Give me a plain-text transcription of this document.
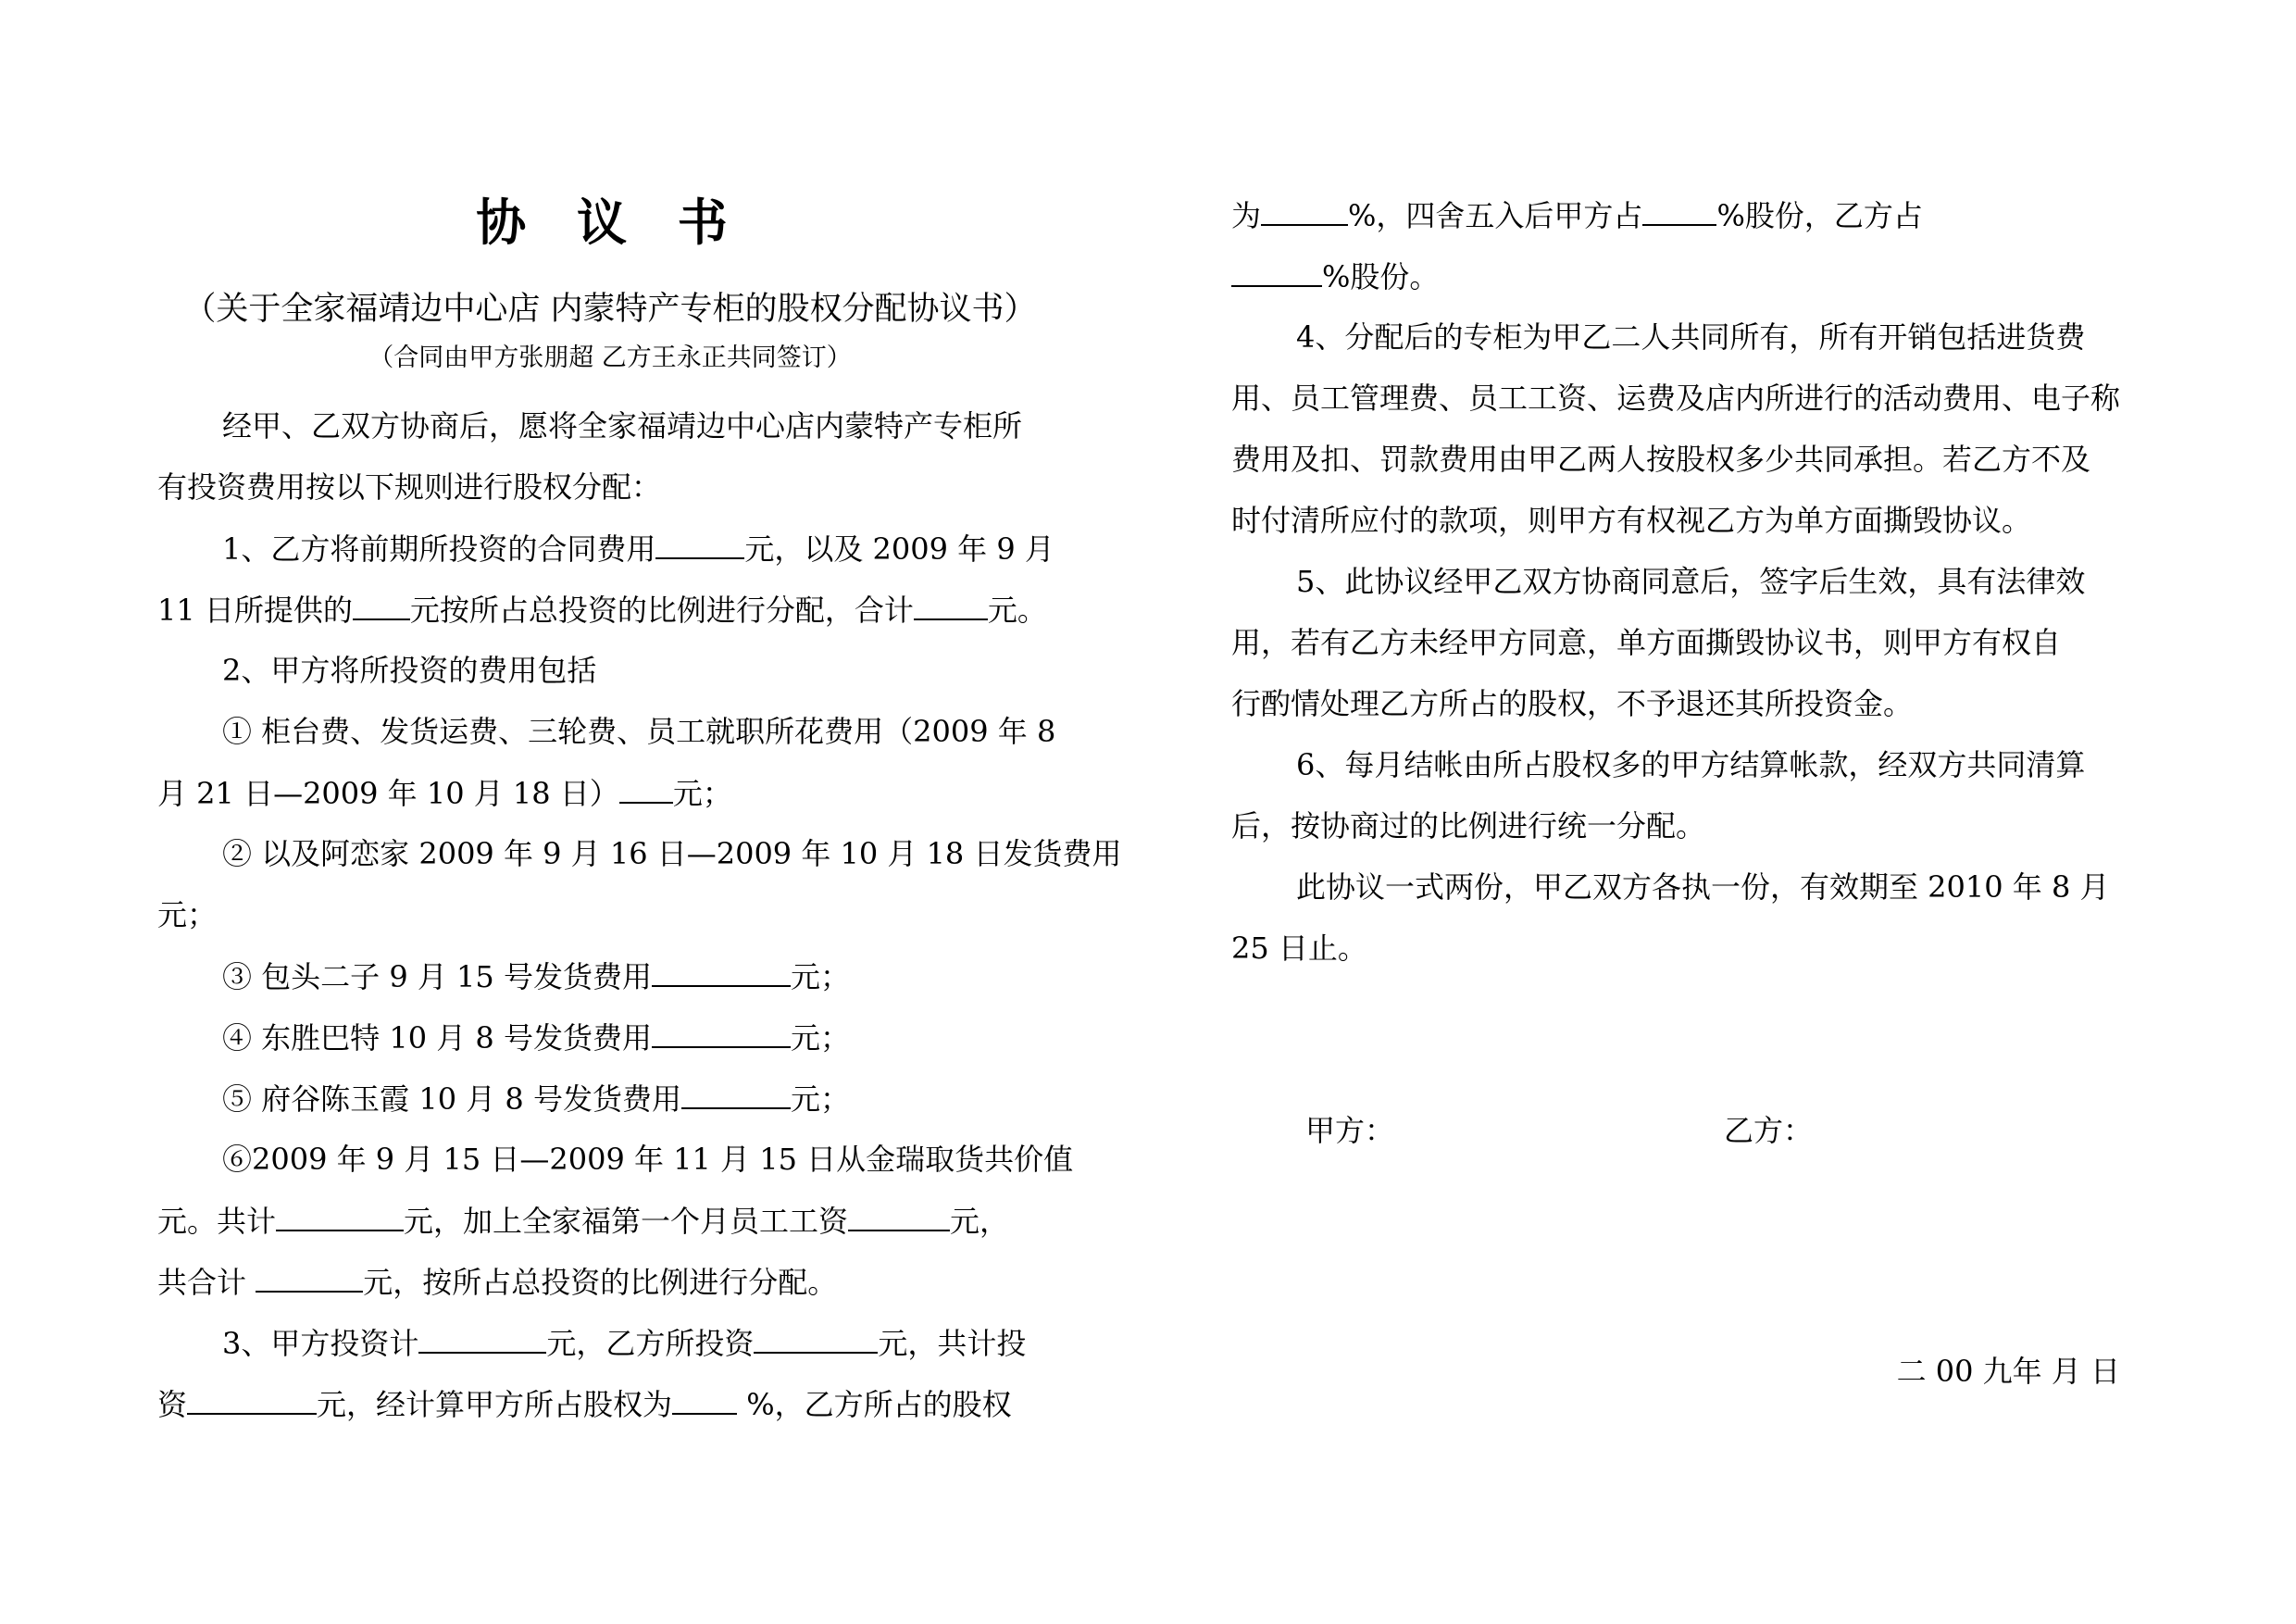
协 议 书
（关于全家福靖边中心店 内蒙特产专柜的股权分配协议书）
（合同由甲方张朋超 乙方王永正共同签订）
经甲、乙双方协商后，愿将全家福靖边中心店内蒙特产专柜所
有投资费用按以下规则进行股权分配：
1、乙方将前期所投资的合同费用	元，以及 2009 年 9 月
11 日所提供的 元按所占总投资的比例进行分配，合计	元。
2、甲方将所投资的费用包括
① 柜台费、发货运费、三轮费、员工就职所花费用（2009 年 8
月 21 日—2009 年 10 月 18 日） 元；
② 以及阿恋家 2009 年 9 月 16 日—2009 年 10 月 18 日发货费用
元；
③ 包头二子 9 月 15 号发货费用	元；
④ 东胜巴特 10 月 8 号发货费用	元；
⑤ 府谷陈玉霞 10 月 8 号发货费用	元；
⑥2009 年 9 月 15 日—2009 年 11 月 15 日从金瑞取货共价值
元。共计	元，加上全家福第一个月员工工资	元，
共合计	元，按所占总投资的比例进行分配。
3、甲方投资计	元，乙方所投资	元，共计投
资	元，经计算甲方所占股权为 %，乙方所占的股权
为	%，四舍五入后甲方占	%股份，乙方占
%股份。
4、分配后的专柜为甲乙二人共同所有，所有开销包括进货费
用、员工管理费、员工工资、运费及店内所进行的活动费用、电子称
费用及扣、罚款费用由甲乙两人按股权多少共同承担。若乙方不及
时付清所应付的款项，则甲方有权视乙方为单方面撕毁协议。
5、此协议经甲乙双方协商同意后，签字后生效，具有法律效
用，若有乙方未经甲方同意，单方面撕毁协议书，则甲方有权自
行酌情处理乙方所占的股权，不予退还其所投资金。
6、每月结帐由所占股权多的甲方结算帐款，经双方共同清算
后，按协商过的比例进行统一分配。
此协议一式两份，甲乙双方各执一份，有效期至 2010 年 8 月
25 日止。
甲方：	乙方：
二 00 九年 月 日
